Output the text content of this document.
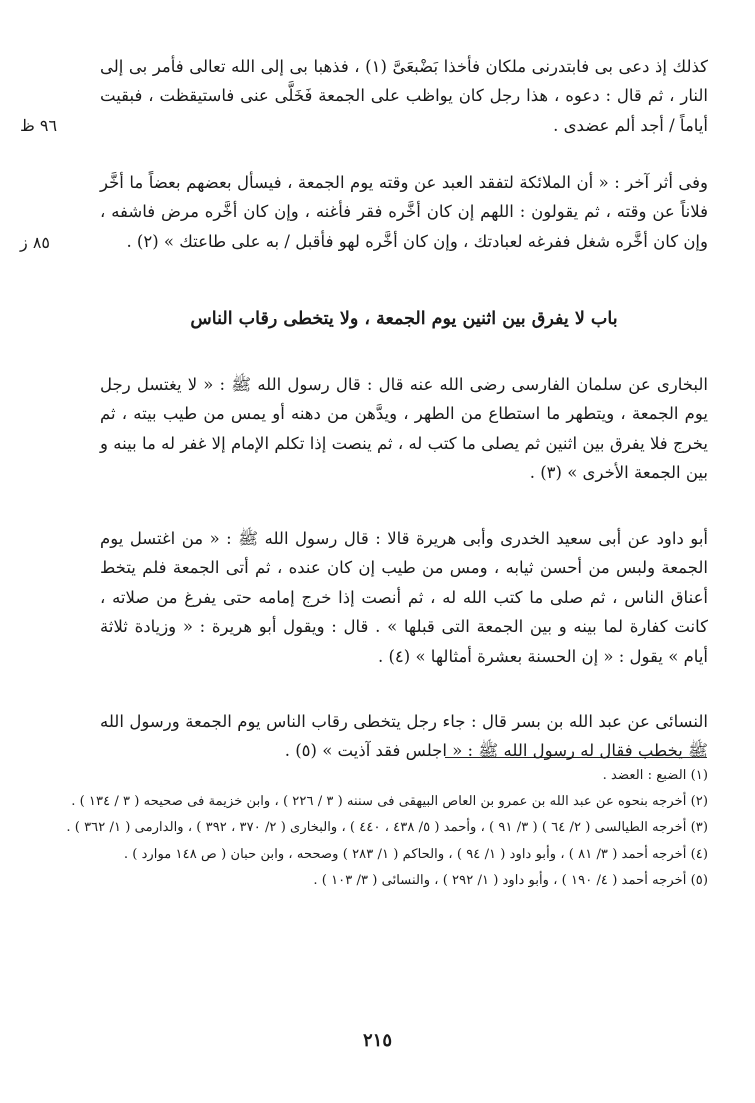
كذلك إذ دعى بى فابتدرنى ملكان فأخذا بَضْبعَىَّ (١) ، فذهبا بى إلى الله تعالى فأمر بى إلى النار ، ثم قال : دعوه ، هذا رجل كان يواظب على الجمعة فَخَلَّى عنى فاستيقظت ، فبقيت أياماً / أجد ألم عضدى .

وفى أثر آخر : « أن الملائكة لتفقد العبد عن وقته يوم الجمعة ، فيسأل بعضهم بعضاً ما أخَّر فلاناً عن وقته ، ثم يقولون : اللهم إن كان أخَّره فقر فأغنه ، وإن كان أخَّره مرض فاشفه ، وإن كان أخَّره شغل ففرغه لعبادتك ، وإن كان أخَّره لهو فأقبل / به على طاعتك » (٢) .

باب لا يفرق بين اثنين يوم الجمعة ، ولا يتخطى رقاب الناس

البخارى عن سلمان الفارسى رضى الله عنه قال : قال رسول الله ﷺ : « لا يغتسل رجل يوم الجمعة ، ويتطهر ما استطاع من الطهر ، ويدَّهن من دهنه أو يمس من طيب بيته ، ثم يخرج فلا يفرق بين اثنين ثم يصلى ما كتب له ، ثم ينصت إذا تكلم الإمام إلا غفر له ما بينه و بين الجمعة الأخرى » (٣) .

أبو داود عن أبى سعيد الخدرى وأبى هريرة قالا : قال رسول الله ﷺ : « من اغتسل يوم الجمعة ولبس من أحسن ثيابه ، ومس من طيب إن كان عنده ، ثم أتى الجمعة فلم يتخط أعناق الناس ، ثم صلى ما كتب الله له ، ثم أنصت إذا خرج إمامه حتى يفرغ من صلاته ، كانت كفارة لما بينه و بين الجمعة التى قبلها » . قال : ويقول أبو هريرة : « وزيادة ثلاثة أيام » يقول : « إن الحسنة بعشرة أمثالها » (٤) .

النسائى عن عبد الله بن بسر قال : جاء رجل يتخطى رقاب الناس يوم الجمعة ورسول الله ﷺ يخطب فقال له رسول الله ﷺ : « اجلس فقد آذيت » (٥) .

٩٦ ظ
٨٥ ز

(١) الضبع : العضد .

(٢) أخرجه بنحوه عن عبد الله بن عمرو بن العاص البيهقى فى سننه ( ٣ / ٢٢٦ ) ، وابن خزيمة فى صحيحه ( ٣ / ١٣٤ ) .

(٣) أخرجه الطيالسى ( ٢/ ٦٤ ) ( ٣/ ٩١ ) ، وأحمد ( ٥/ ٤٣٨ ، ٤٤٠ ) ، والبخارى ( ٢/ ٣٧٠ ، ٣٩٢ ) ، والدارمى ( ١/ ٣٦٢ ) .

(٤) أخرجه أحمد ( ٣/ ٨١ ) ، وأبو داود ( ١/ ٩٤ ) ، والحاكم ( ١/ ٢٨٣ ) وصححه ، وابن حبان ( ص ١٤٨ موارد ) .

(٥) أخرجه أحمد ( ٤/ ١٩٠ ) ، وأبو داود ( ١/ ٢٩٢ ) ، والنسائى ( ٣/ ١٠٣ ) .

٢١٥
